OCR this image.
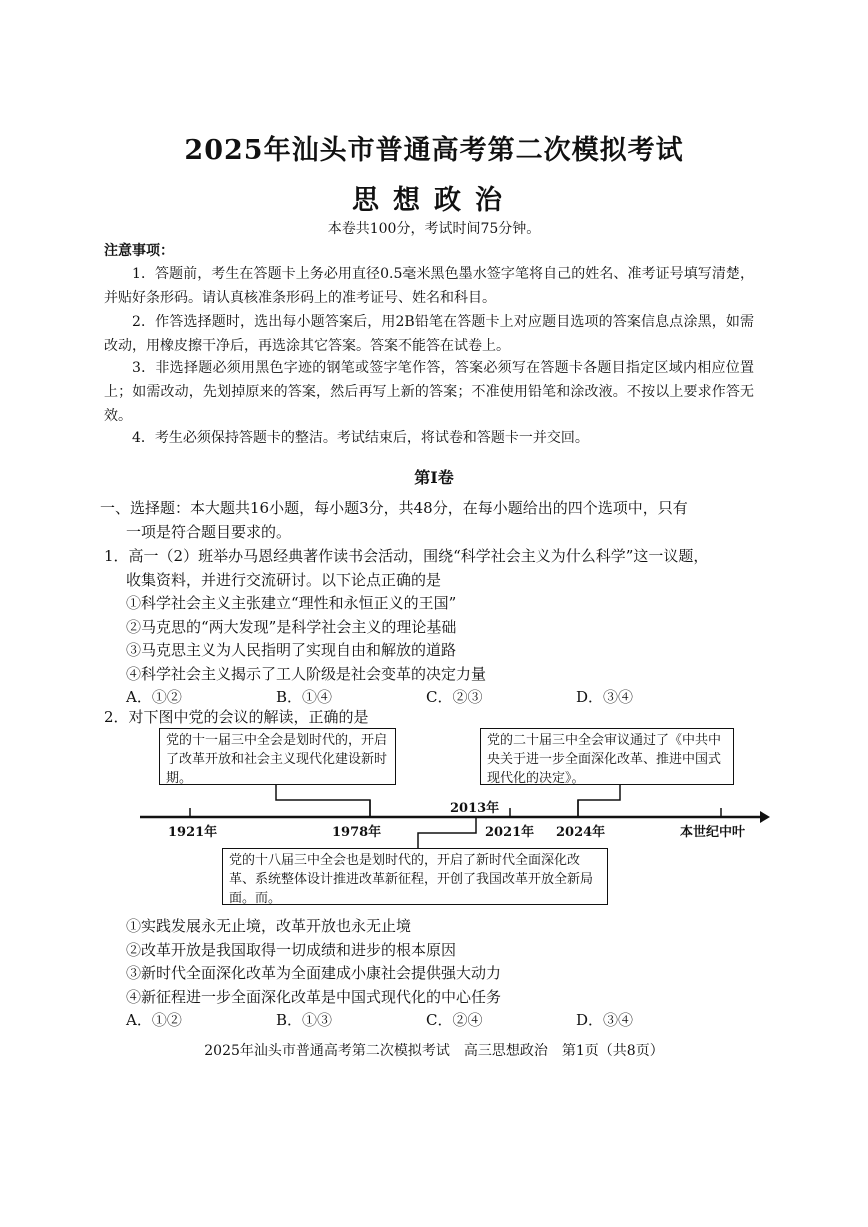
2025年汕头市普通高考第二次模拟考试
思想政治
本卷共100分，考试时间75分钟。
注意事项：
1．答题前，考生在答题卡上务必用直径0.5毫米黑色墨水签字笔将自己的姓名、准考证号填写清楚，并贴好条形码。请认真核准条形码上的准考证号、姓名和科目。
2．作答选择题时，选出每小题答案后，用2B铅笔在答题卡上对应题目选项的答案信息点涂黑，如需改动，用橡皮擦干净后，再选涂其它答案。答案不能答在试卷上。
3．非选择题必须用黑色字迹的钢笔或签字笔作答，答案必须写在答题卡各题目指定区域内相应位置上；如需改动，先划掉原来的答案，然后再写上新的答案；不准使用铅笔和涂改液。不按以上要求作答无效。
4．考生必须保持答题卡的整洁。考试结束后，将试卷和答题卡一并交回。
第Ⅰ卷
一、选择题：本大题共16小题，每小题3分，共48分，在每小题给出的四个选项中，只有
一项是符合题目要求的。
1．高一（2）班举办马恩经典著作读书会活动，围绕“科学社会主义为什么科学”这一议题，
收集资料，并进行交流研讨。以下论点正确的是
①科学社会主义主张建立“理性和永恒正义的王国”
②马克思的“两大发现”是科学社会主义的理论基础
③马克思主义为人民指明了实现自由和解放的道路
④科学社会主义揭示了工人阶级是社会变革的决定力量
A．①②	B．①④	C．②③	D．③④
2．对下图中党的会议的解读，正确的是
党的十一届三中全会是划时代的，开启了改革开放和社会主义现代化建设新时期。
党的二十届三中全会审议通过了《中共中央关于进一步全面深化改革、推进中国式现代化的决定》。
党的十八届三中全会也是划时代的，开启了新时代全面深化改革、系统整体设计推进改革新征程，开创了我国改革开放全新局面。而。
1921年	1978年
2013年
2021年 2024年	本世纪中叶
①实践发展永无止境，改革开放也永无止境
②改革开放是我国取得一切成绩和进步的根本原因
③新时代全面深化改革为全面建成小康社会提供强大动力
④新征程进一步全面深化改革是中国式现代化的中心任务
A．①②	B．①③	C．②④	D．③④
2025年汕头市普通高考第二次模拟考试　高三思想政治　第1页（共8页）
